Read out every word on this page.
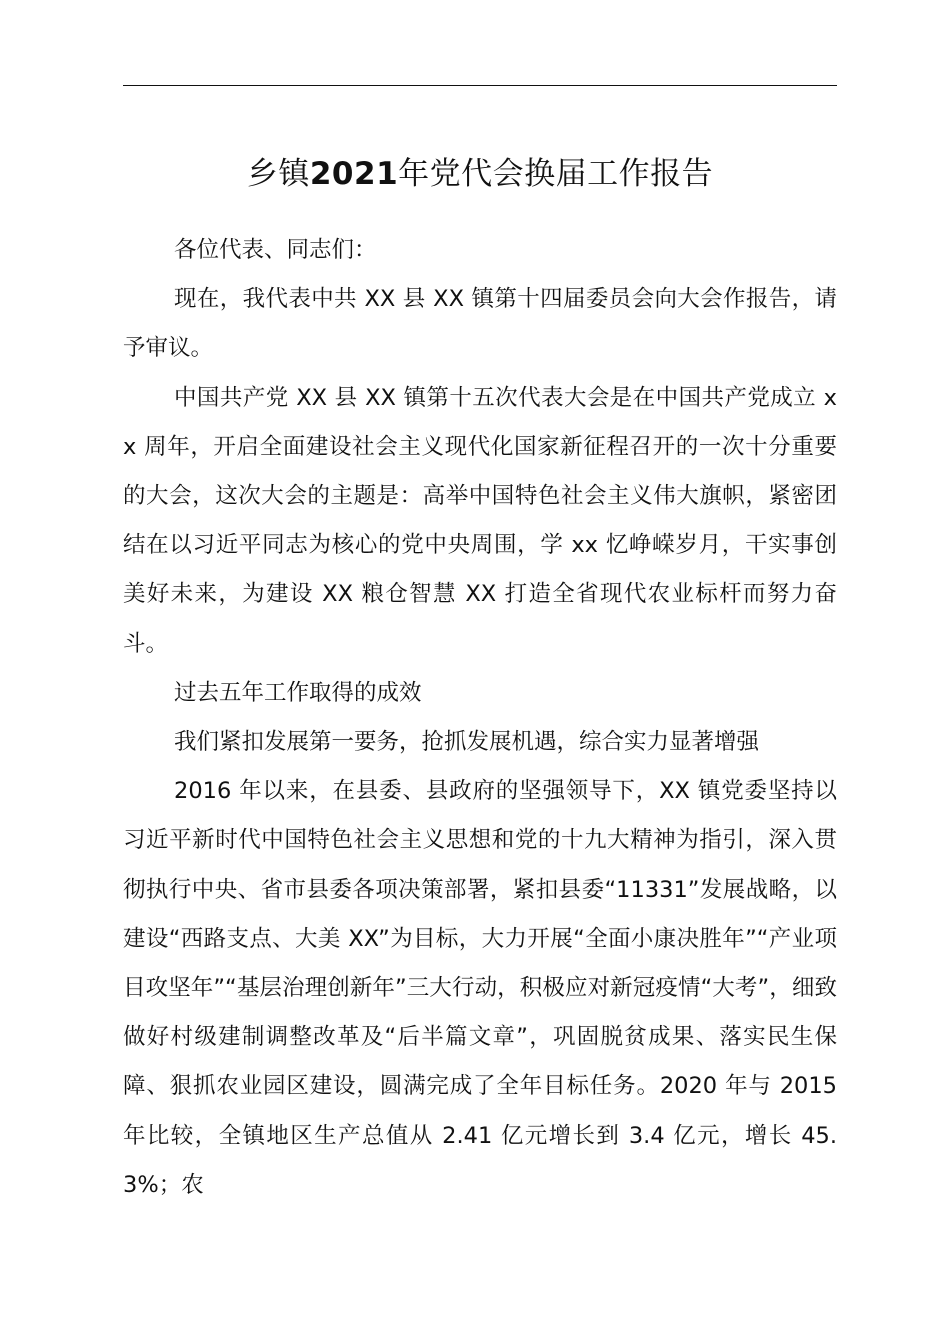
乡镇2021年党代会换届工作报告

各位代表、同志们：

现在，我代表中共 XX 县 XX 镇第十四届委员会向大会作报告，请予审议。

中国共产党 XX 县 XX 镇第十五次代表大会是在中国共产党成立 xx 周年，开启全面建设社会主义现代化国家新征程召开的一次十分重要的大会，这次大会的主题是：高举中国特色社会主义伟大旗帜，紧密团结在以习近平同志为核心的党中央周围，学 xx 忆峥嵘岁月，干实事创美好未来，为建设 XX 粮仓智慧 XX 打造全省现代农业标杆而努力奋斗。

过去五年工作取得的成效

我们紧扣发展第一要务，抢抓发展机遇，综合实力显著增强

2016 年以来，在县委、县政府的坚强领导下，XX 镇党委坚持以习近平新时代中国特色社会主义思想和党的十九大精神为指引，深入贯彻执行中央、省市县委各项决策部署，紧扣县委“11331”发展战略，以建设“西路支点、大美 XX”为目标，大力开展“全面小康决胜年”“产业项目攻坚年”“基层治理创新年”三大行动，积极应对新冠疫情“大考”，细致做好村级建制调整改革及“后半篇文章”，巩固脱贫成果、落实民生保障、狠抓农业园区建设，圆满完成了全年目标任务。2020 年与 2015 年比较，全镇地区生产总值从 2.41 亿元增长到 3.4 亿元，增长 45.3%；农
